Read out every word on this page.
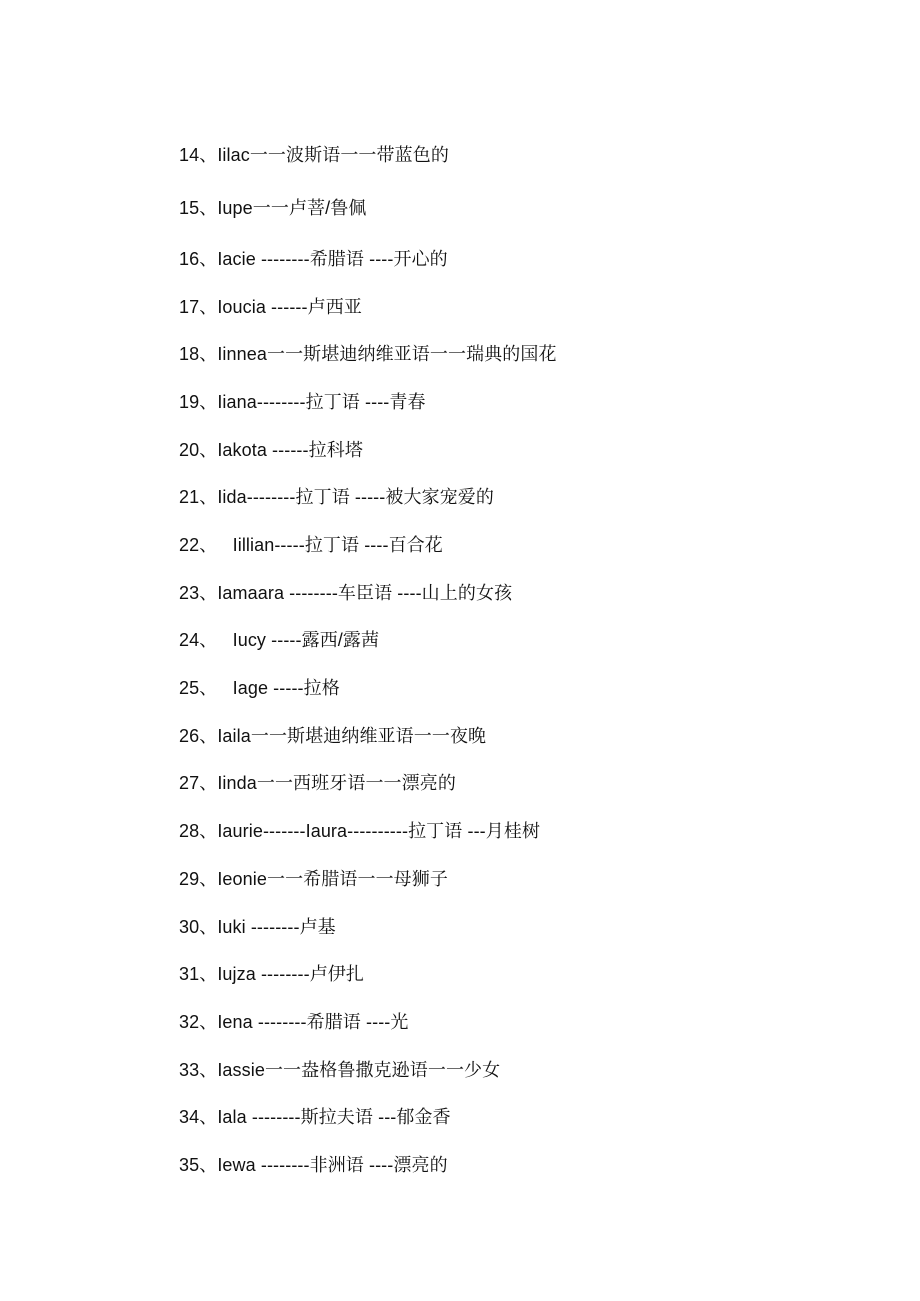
14、Iilac一一波斯语一一带蓝色的
15、Iupe一一卢菩/鲁佩
16、Iacie --------希腊语 ----开心的
17、Ioucia ------卢西亚
18、Iinnea一一斯堪迪纳维亚语一一瑞典的国花
19、Iiana--------拉丁语 ----青春
20、Iakota ------拉科塔
21、Iida--------拉丁语 -----被大家宠爱的
22、   Iillian-----拉丁语 ----百合花
23、Iamaara --------车臣语 ----山上的女孩
24、   Iucy -----露西/露茜
25、   Iage -----拉格
26、Iaila一一斯堪迪纳维亚语一一夜晚
27、Iinda一一西班牙语一一漂亮的
28、Iaurie-------Iaura----------拉丁语 ---月桂树
29、Ieonie一一希腊语一一母狮子
30、Iuki --------卢基
31、Iujza --------卢伊扎
32、Iena --------希腊语 ----光
33、Iassie一一盎格鲁撒克逊语一一少女
34、Iala --------斯拉夫语 ---郁金香
35、Iewa --------非洲语 ----漂亮的
